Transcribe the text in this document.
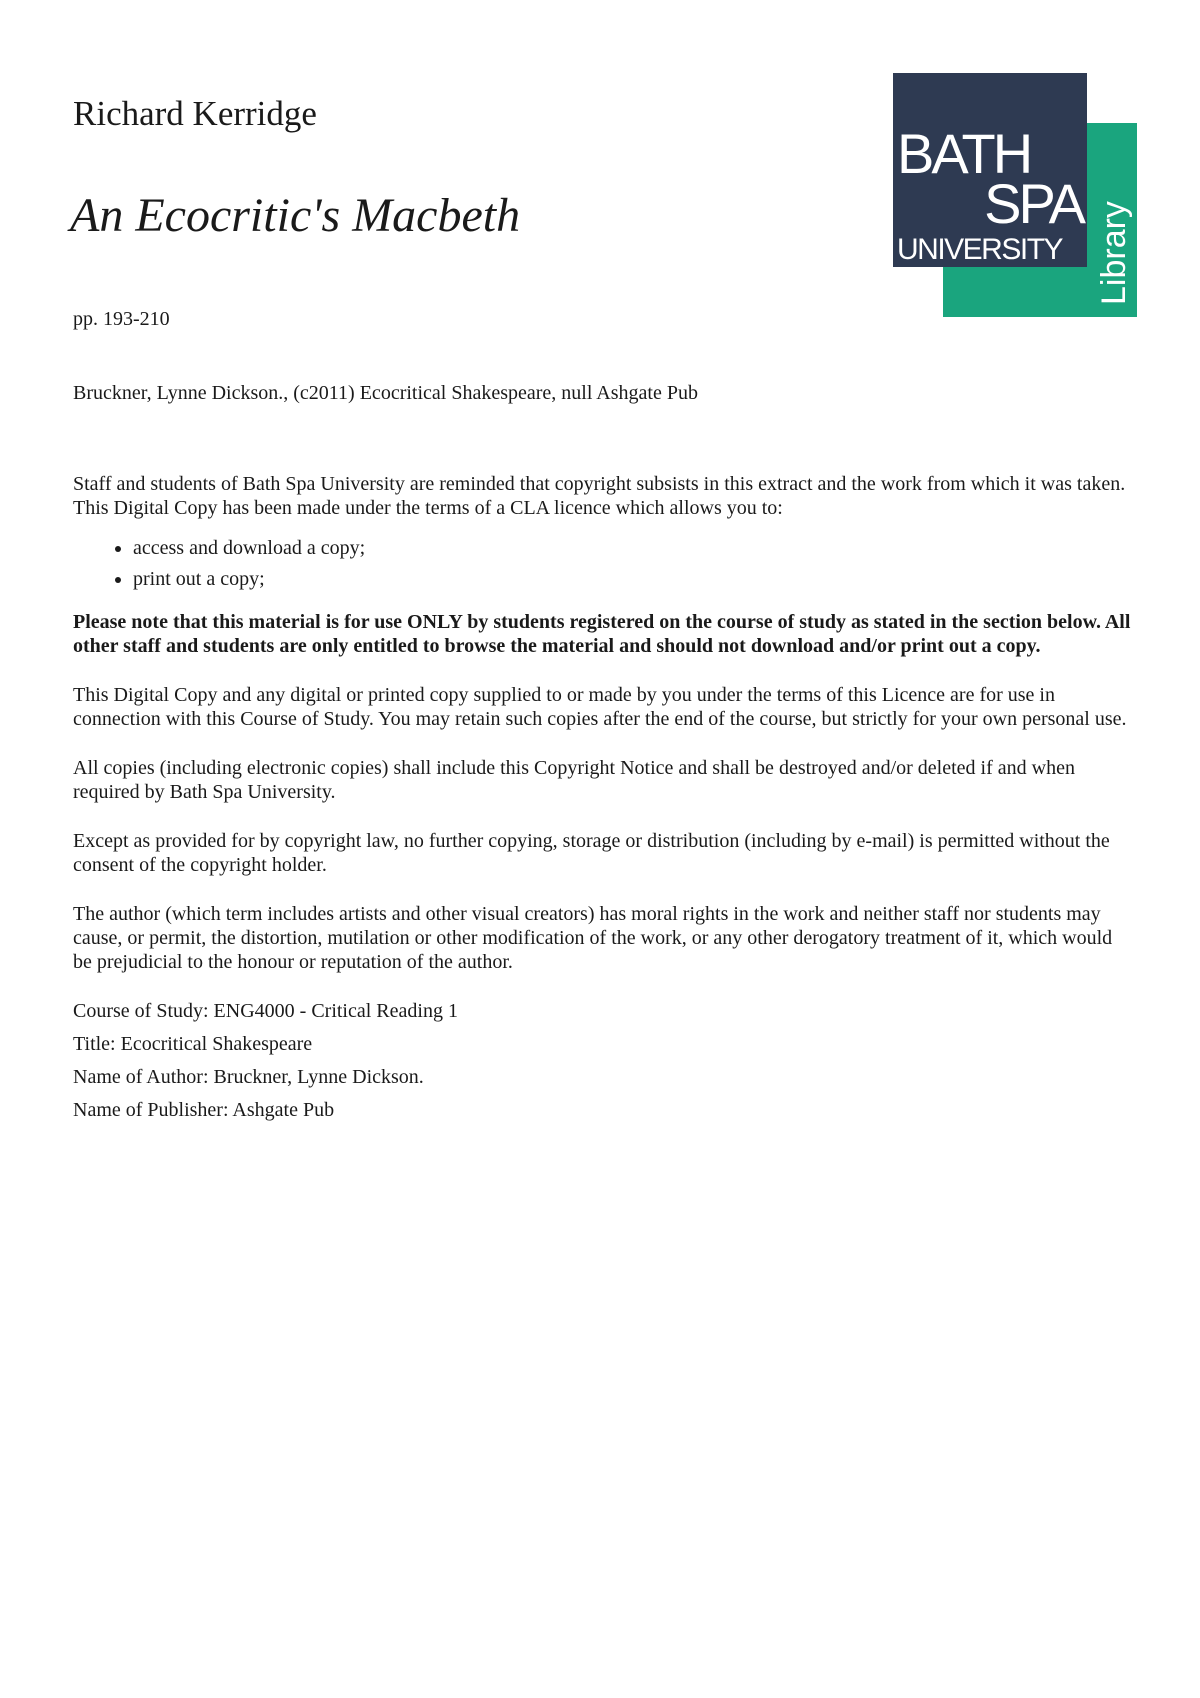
Richard Kerridge
An Ecocritic's Macbeth
pp. 193-210
Bruckner, Lynne Dickson., (c2011) Ecocritical Shakespeare, null Ashgate Pub
BATH
SPA
UNIVERSITY Library

Staff and students of Bath Spa University are reminded that copyright subsists in this extract and the work from which it was taken. This Digital Copy has been made under the terms of a CLA licence which allows you to:

• access and download a copy;
• print out a copy;

Please note that this material is for use ONLY by students registered on the course of study as stated in the section below. All other staff and students are only entitled to browse the material and should not download and/or print out a copy.

This Digital Copy and any digital or printed copy supplied to or made by you under the terms of this Licence are for use in connection with this Course of Study. You may retain such copies after the end of the course, but strictly for your own personal use.

All copies (including electronic copies) shall include this Copyright Notice and shall be destroyed and/or deleted if and when required by Bath Spa University.

Except as provided for by copyright law, no further copying, storage or distribution (including by e-mail) is permitted without the consent of the copyright holder.

The author (which term includes artists and other visual creators) has moral rights in the work and neither staff nor students may cause, or permit, the distortion, mutilation or other modification of the work, or any other derogatory treatment of it, which would be prejudicial to the honour or reputation of the author.

Course of Study: ENG4000 - Critical Reading 1
Title: Ecocritical Shakespeare
Name of Author: Bruckner, Lynne Dickson.
Name of Publisher: Ashgate Pub
